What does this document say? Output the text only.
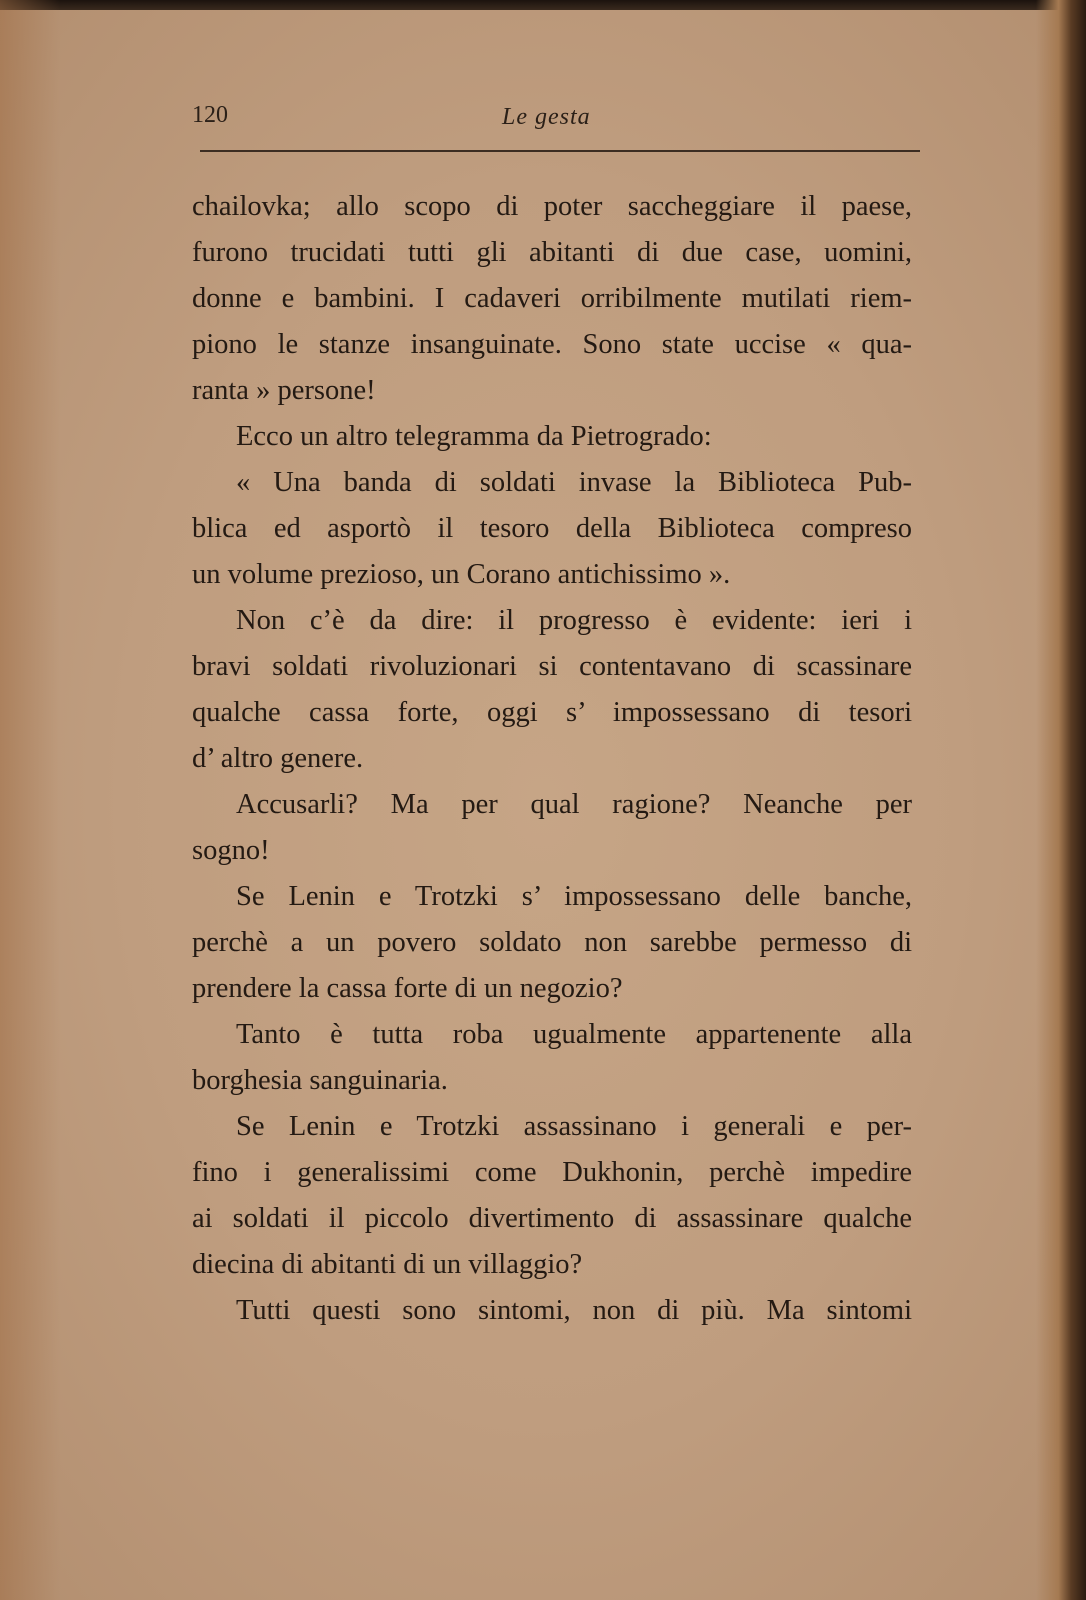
120	Le gesta
chailovka; allo scopo di poter saccheggiare il paese,
furono trucidati tutti gli abitanti di due case, uomini,
donne e bambini. I cadaveri orribilmente mutilati riem-
piono le stanze insanguinate. Sono state uccise « qua-
ranta » persone!
Ecco un altro telegramma da Pietrogrado:
« Una banda di soldati invase la Biblioteca Pub-
blica ed asportò il tesoro della Biblioteca compreso
un volume prezioso, un Corano antichissimo ».
Non c’è da dire: il progresso è evidente: ieri i
bravi soldati rivoluzionari si contentavano di scassinare
qualche cassa forte, oggi s’ impossessano di tesori
d’ altro genere.
Accusarli? Ma per qual ragione? Neanche per
sogno!
Se Lenin e Trotzki s’ impossessano delle banche,
perchè a un povero soldato non sarebbe permesso di
prendere la cassa forte di un negozio?
Tanto è tutta roba ugualmente appartenente alla
borghesia sanguinaria.
Se Lenin e Trotzki assassinano i generali e per-
fino i generalissimi come Dukhonin, perchè impedire
ai soldati il piccolo divertimento di assassinare qualche
diecina di abitanti di un villaggio?
Tutti questi sono sintomi, non di più. Ma sintomi
